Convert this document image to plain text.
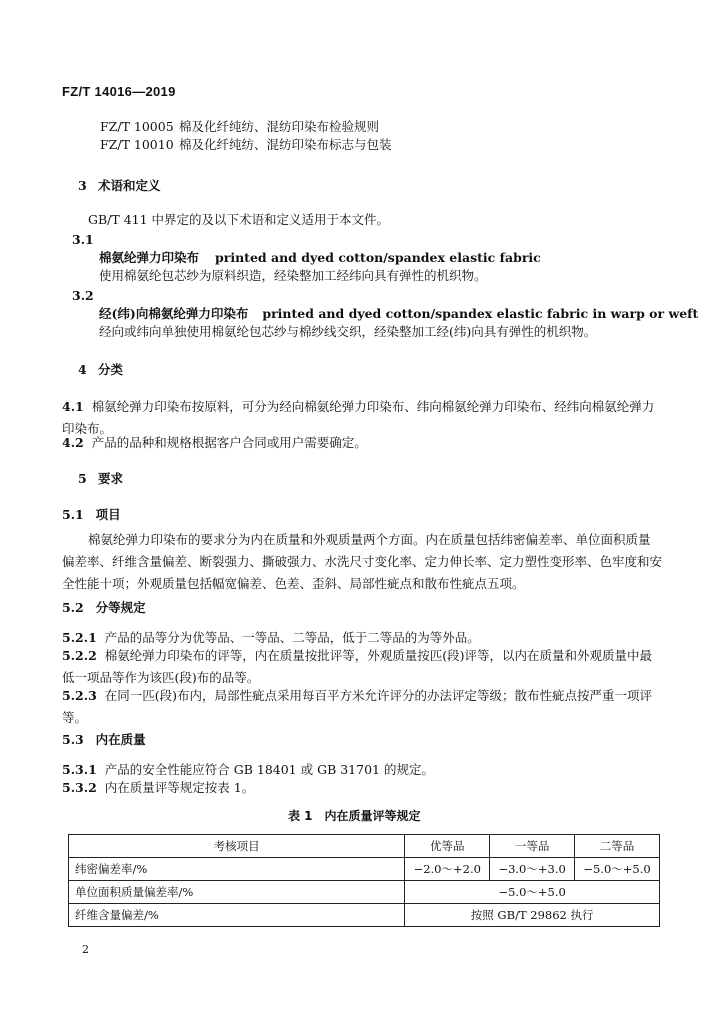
FZ/T 14016—2019
FZ/T 10005 棉及化纤纯纺、混纺印染布检验规则
FZ/T 10010 棉及化纤纯纺、混纺印染布标志与包装
3 术语和定义
GB/T 411 中界定的及以下术语和定义适用于本文件。
3.1
棉氨纶弹力印染布 printed and dyed cotton/spandex elastic fabric
使用棉氨纶包芯纱为原料织造，经染整加工经纬向具有弹性的机织物。
3.2
经(纬)向棉氨纶弹力印染布 printed and dyed cotton/spandex elastic fabric in warp or weft
经向或纬向单独使用棉氨纶包芯纱与棉纱线交织，经染整加工经(纬)向具有弹性的机织物。
4 分类
4.1 棉氨纶弹力印染布按原料，可分为经向棉氨纶弹力印染布、纬向棉氨纶弹力印染布、经纬向棉氨纶弹力印染布。
4.2 产品的品种和规格根据客户合同或用户需要确定。
5 要求
5.1 项目
棉氨纶弹力印染布的要求分为内在质量和外观质量两个方面。内在质量包括纬密偏差率、单位面积质量偏差率、纤维含量偏差、断裂强力、撕破强力、水洗尺寸变化率、定力伸长率、定力塑性变形率、色牢度和安全性能十项；外观质量包括幅宽偏差、色差、歪斜、局部性疵点和散布性疵点五项。
5.2 分等规定
5.2.1 产品的品等分为优等品、一等品、二等品，低于二等品的为等外品。
5.2.2 棉氨纶弹力印染布的评等，内在质量按批评等，外观质量按匹(段)评等，以内在质量和外观质量中最低一项品等作为该匹(段)布的品等。
5.2.3 在同一匹(段)布内，局部性疵点采用每百平方米允许评分的办法评定等级；散布性疵点按严重一项评等。
5.3 内在质量
5.3.1 产品的安全性能应符合 GB 18401 或 GB 31701 的规定。
5.3.2 内在质量评等规定按表 1。
表 1　内在质量评等规定
考核项目	优等品	一等品	二等品
纬密偏差率/%	−2.0～+2.0	−3.0～+3.0	−5.0～+5.0
单位面积质量偏差率/%	−5.0～+5.0		
纤维含量偏差/%	按照 GB/T 29862 执行		
2
